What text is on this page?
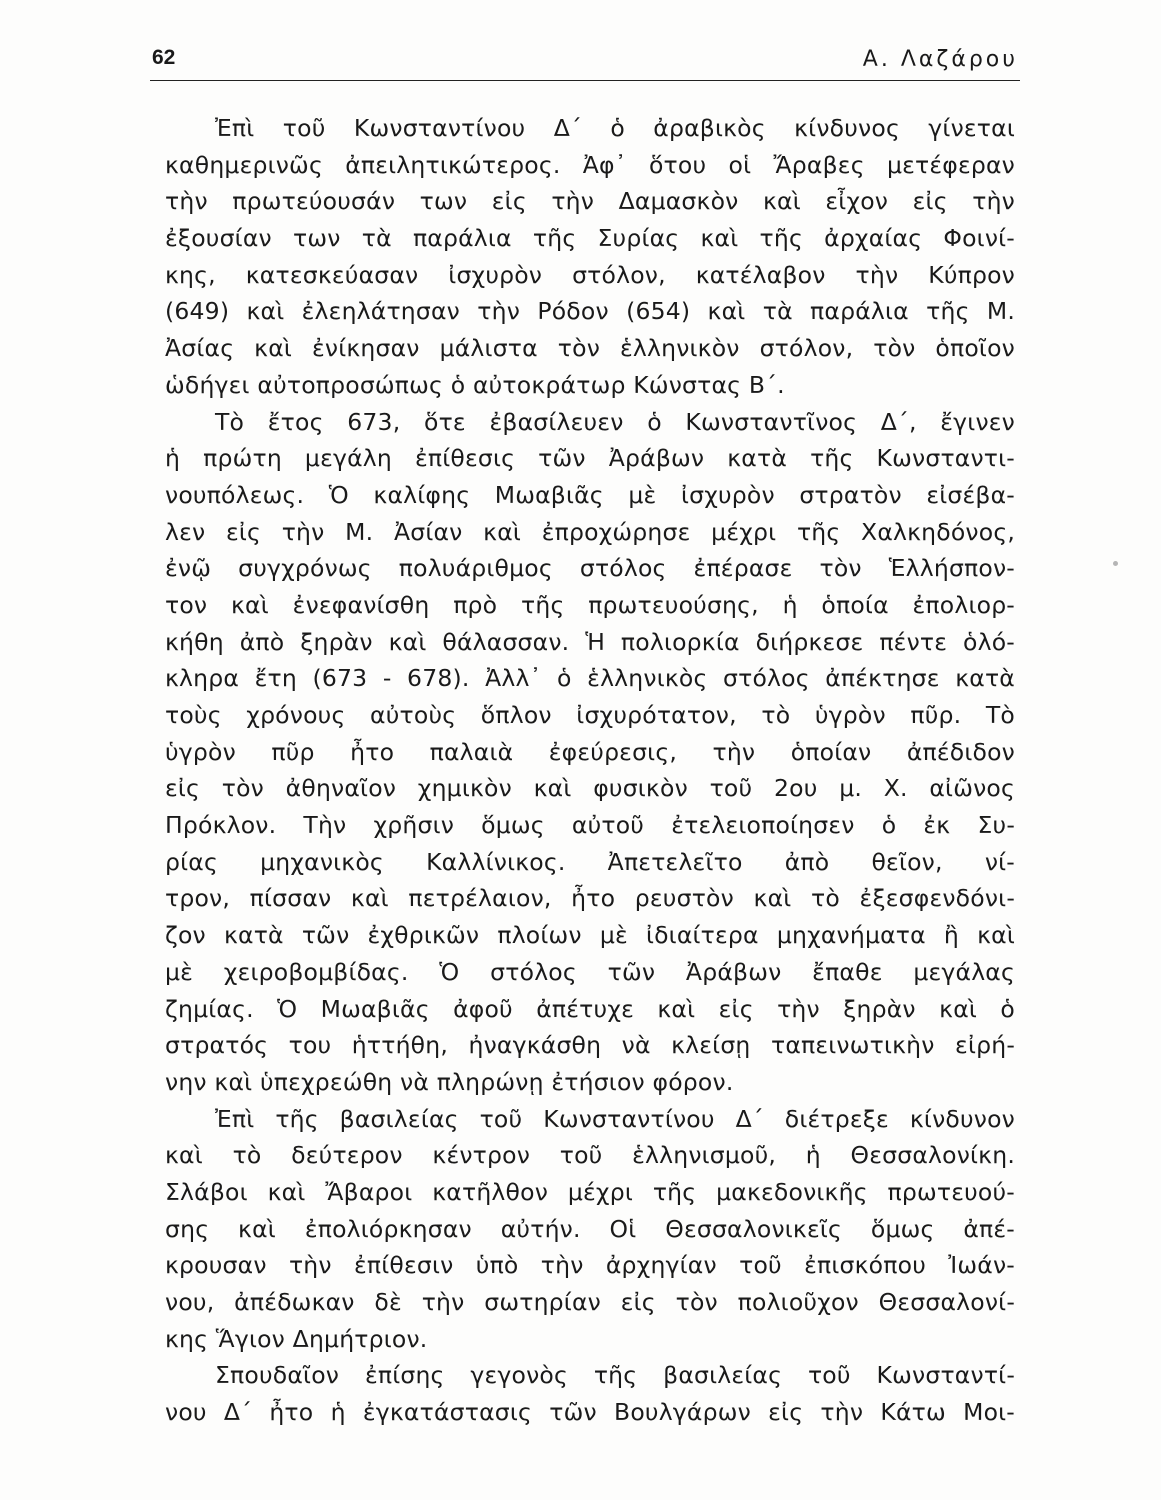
62	Α. Λαζάρου
Ἐπὶ τοῦ Κωνσταντίνου Δ΄ ὁ ἀραβικὸς κίνδυνος γίνεται
καθημερινῶς ἀπειλητικώτερος. Ἀφ᾽ ὅτου οἱ Ἄραβες μετέφεραν
τὴν πρωτεύουσάν των εἰς τὴν Δαμασκὸν καὶ εἶχον εἰς τὴν
ἐξουσίαν των τὰ παράλια τῆς Συρίας καὶ τῆς ἀρχαίας Φοινί-
κης, κατεσκεύασαν ἰσχυρὸν στόλον, κατέλαβον τὴν Κύπρον
(649) καὶ ἐλεηλάτησαν τὴν Ρόδον (654) καὶ τὰ παράλια τῆς Μ.
Ἀσίας καὶ ἐνίκησαν μάλιστα τὸν ἑλληνικὸν στόλον, τὸν ὁποῖον
ὡδήγει αὐτοπροσώπως ὁ αὐτοκράτωρ Κώνστας Β΄.
Τὸ ἔτος 673, ὅτε ἐβασίλευεν ὁ Κωνσταντῖνος Δ΄, ἔγινεν
ἡ πρώτη μεγάλη ἐπίθεσις τῶν Ἀράβων κατὰ τῆς Κωνσταντι-
νουπόλεως. Ὁ καλίφης Μωαβιᾶς μὲ ἰσχυρὸν στρατὸν εἰσέβα-
λεν εἰς τὴν Μ. Ἀσίαν καὶ ἐπροχώρησε μέχρι τῆς Χαλκηδόνος,
ἐνῷ συγχρόνως πολυάριθμος στόλος ἐπέρασε τὸν Ἑλλήσπον-
τον καὶ ἐνεφανίσθη πρὸ τῆς πρωτευούσης, ἡ ὁποία ἐπολιορ-
κήθη ἀπὸ ξηρὰν καὶ θάλασσαν. Ἡ πολιορκία διήρκεσε πέντε ὁλό-
κληρα ἔτη (673 - 678). Ἀλλ᾽ ὁ ἑλληνικὸς στόλος ἀπέκτησε κατὰ
τοὺς χρόνους αὐτοὺς ὅπλον ἰσχυρότατον, τὸ ὑγρὸν πῦρ. Τὸ
ὑγρὸν πῦρ ἦτο παλαιὰ ἐφεύρεσις, τὴν ὁποίαν ἀπέδιδον
εἰς τὸν ἀθηναῖον χημικὸν καὶ φυσικὸν τοῦ 2ου μ. Χ. αἰῶνος
Πρόκλον. Τὴν χρῆσιν ὅμως αὐτοῦ ἐτελειοποίησεν ὁ ἐκ Συ-
ρίας μηχανικὸς Καλλίνικος. Ἀπετελεῖτο ἀπὸ θεῖον, νί-
τρον, πίσσαν καὶ πετρέλαιον, ἦτο ρευστὸν καὶ τὸ ἐξεσφενδόνι-
ζον κατὰ τῶν ἐχθρικῶν πλοίων μὲ ἰδιαίτερα μηχανήματα ἢ καὶ
μὲ χειροβομβίδας. Ὁ στόλος τῶν Ἀράβων ἔπαθε μεγάλας
ζημίας. Ὁ Μωαβιᾶς ἀφοῦ ἀπέτυχε καὶ εἰς τὴν ξηρὰν καὶ ὁ
στρατός του ἡττήθη, ἠναγκάσθη νὰ κλείσῃ ταπεινωτικὴν εἰρή-
νην καὶ ὑπεχρεώθη νὰ πληρώνῃ ἐτήσιον φόρον.
Ἐπὶ τῆς βασιλείας τοῦ Κωνσταντίνου Δ΄ διέτρεξε κίνδυνον
καὶ τὸ δεύτερον κέντρον τοῦ ἑλληνισμοῦ, ἡ Θεσσαλονίκη.
Σλάβοι καὶ Ἄβαροι κατῆλθον μέχρι τῆς μακεδονικῆς πρωτευού-
σης καὶ ἐπολιόρκησαν αὐτήν. Οἱ Θεσσαλονικεῖς ὅμως ἀπέ-
κρουσαν τὴν ἐπίθεσιν ὑπὸ τὴν ἀρχηγίαν τοῦ ἐπισκόπου Ἰωάν-
νου, ἀπέδωκαν δὲ τὴν σωτηρίαν εἰς τὸν πολιοῦχον Θεσσαλονί-
κης Ἅγιον Δημήτριον.
Σπουδαῖον ἐπίσης γεγονὸς τῆς βασιλείας τοῦ Κωνσταντί-
νου Δ΄ ἦτο ἡ ἐγκατάστασις τῶν Βουλγάρων εἰς τὴν Κάτω Μοι-
